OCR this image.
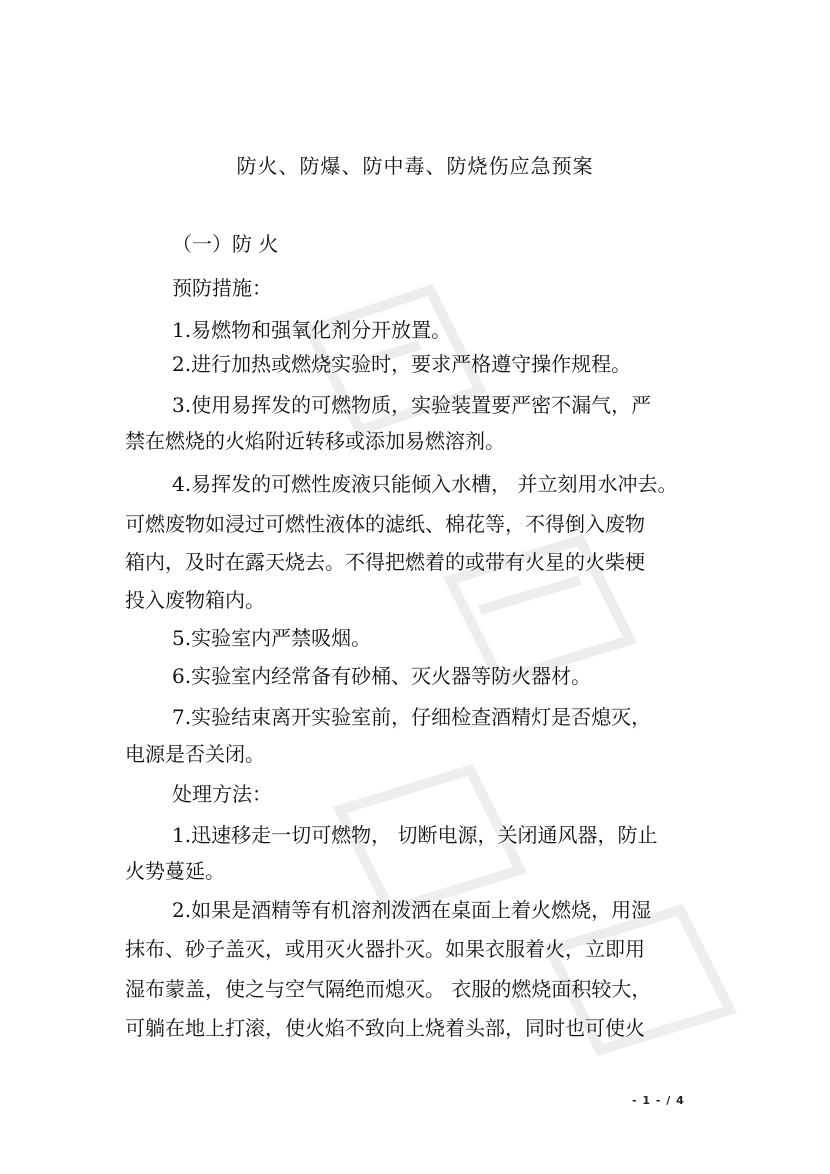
防火、防爆、防中毒、防烧伤应急预案
（一）防 火
预防措施：
1.易燃物和强氧化剂分开放置。
2.进行加热或燃烧实验时，要求严格遵守操作规程。
3.使用易挥发的可燃物质，实验装置要严密不漏气，严
禁在燃烧的火焰附近转移或添加易燃溶剂。
4.易挥发的可燃性废液只能倾入水槽， 并立刻用水冲去。
可燃废物如浸过可燃性液体的滤纸、棉花等，不得倒入废物
箱内，及时在露天烧去。不得把燃着的或带有火星的火柴梗
投入废物箱内。
5.实验室内严禁吸烟。
6.实验室内经常备有砂桶、灭火器等防火器材。
7.实验结束离开实验室前，仔细检查酒精灯是否熄灭，
电源是否关闭。
处理方法：
1.迅速移走一切可燃物， 切断电源，关闭通风器，防止
火势蔓延。
2.如果是酒精等有机溶剂泼洒在桌面上着火燃烧，用湿
抹布、砂子盖灭，或用灭火器扑灭。如果衣服着火，立即用
湿布蒙盖，使之与空气隔绝而熄灭。 衣服的燃烧面积较大，
可躺在地上打滚，使火焰不致向上烧着头部，同时也可使火
- 1 - / 4
